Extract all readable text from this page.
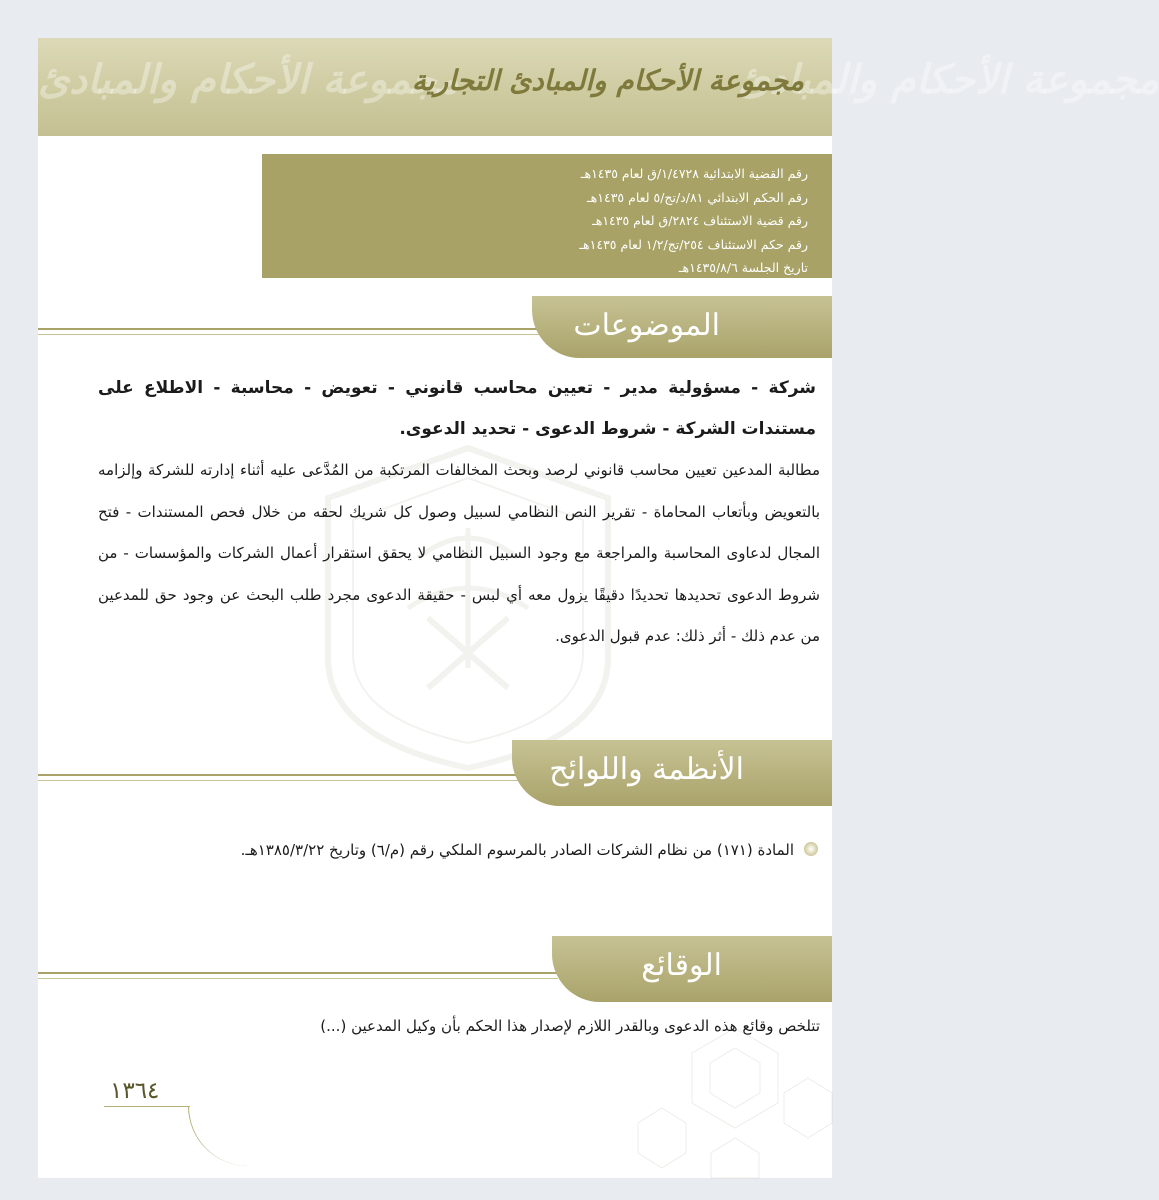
مجموعة الأحكام والمبادئ	مجموعة الأحكام والمبادئ
مجموعة الأحكام والمبادئ التجارية
رقم القضية الابتدائية ١/٤٧٢٨/ق لعام ١٤٣٥هـ
رقم الحكم الابتدائي ٨١/د/تج/٥ لعام ١٤٣٥هـ
رقم قضية الاستئناف ٢٨٢٤/ق لعام ١٤٣٥هـ
رقم حكم الاستئناف ٢٥٤/تج/١/٢ لعام ١٤٣٥هـ
تاريخ الجلسة ١٤٣٥/٨/٦هـ
الموضوعات
شركة - مسؤولية مدير - تعيين محاسب قانوني - تعويض - محاسبة - الاطلاع على مستندات الشركة - شروط الدعوى - تحديد الدعوى.
مطالبة المدعين تعيين محاسب قانوني لرصد وبحث المخالفات المرتكبة من المُدَّعى عليه أثناء إدارته للشركة وإلزامه بالتعويض وبأتعاب المحاماة - تقرير النص النظامي لسبيل وصول كل شريك لحقه من خلال فحص المستندات - فتح المجال لدعاوى المحاسبة والمراجعة مع وجود السبيل النظامي لا يحقق استقرار أعمال الشركات والمؤسسات - من شروط الدعوى تحديدها تحديدًا دقيقًا يزول معه أي لبس - حقيقة الدعوى مجرد طلب البحث عن وجود حق للمدعين من عدم ذلك - أثر ذلك: عدم قبول الدعوى.
الأنظمة واللوائح
المادة (١٧١) من نظام الشركات الصادر بالمرسوم الملكي رقم (م/٦) وتاريخ ١٣٨٥/٣/٢٢هـ.
الوقائع
تتلخص وقائع هذه الدعوى وبالقدر اللازم لإصدار هذا الحكم بأن وكيل المدعين (...)
١٣٦٤
